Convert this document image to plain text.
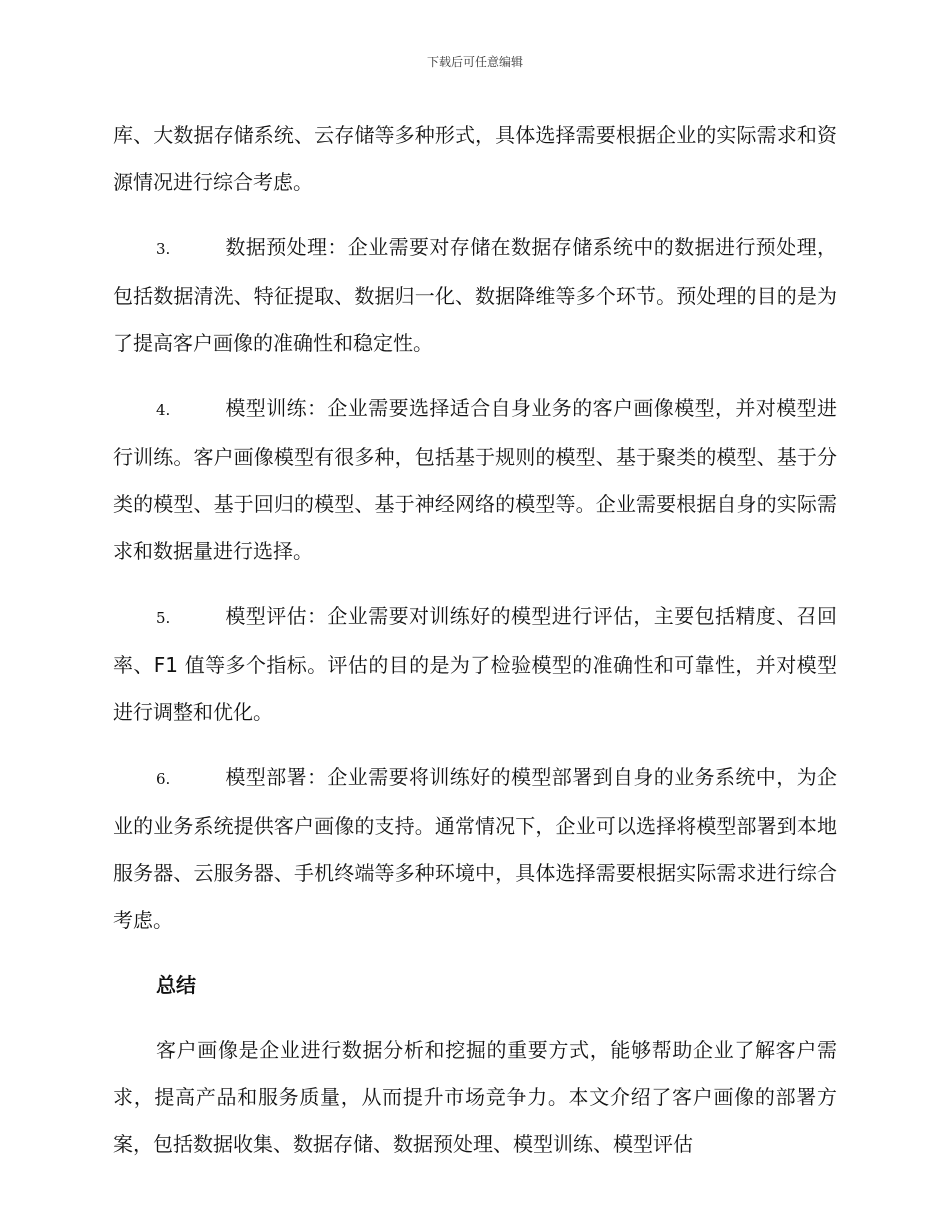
下载后可任意编辑

库、大数据存储系统、云存储等多种形式，具体选择需要根据企业的实际需求和资源情况进行综合考虑。

3.	数据预处理：企业需要对存储在数据存储系统中的数据进行预处理，包括数据清洗、特征提取、数据归一化、数据降维等多个环节。预处理的目的是为了提高客户画像的准确性和稳定性。

4.	模型训练：企业需要选择适合自身业务的客户画像模型，并对模型进行训练。客户画像模型有很多种，包括基于规则的模型、基于聚类的模型、基于分类的模型、基于回归的模型、基于神经网络的模型等。企业需要根据自身的实际需求和数据量进行选择。

5.	模型评估：企业需要对训练好的模型进行评估，主要包括精度、召回率、F1 值等多个指标。评估的目的是为了检验模型的准确性和可靠性，并对模型进行调整和优化。

6.	模型部署：企业需要将训练好的模型部署到自身的业务系统中，为企业的业务系统提供客户画像的支持。通常情况下，企业可以选择将模型部署到本地服务器、云服务器、手机终端等多种环境中，具体选择需要根据实际需求进行综合考虑。

总结

客户画像是企业进行数据分析和挖掘的重要方式，能够帮助企业了解客户需求，提高产品和服务质量，从而提升市场竞争力。本文介绍了客户画像的部署方案，包括数据收集、数据存储、数据预处理、模型训练、模型评估
